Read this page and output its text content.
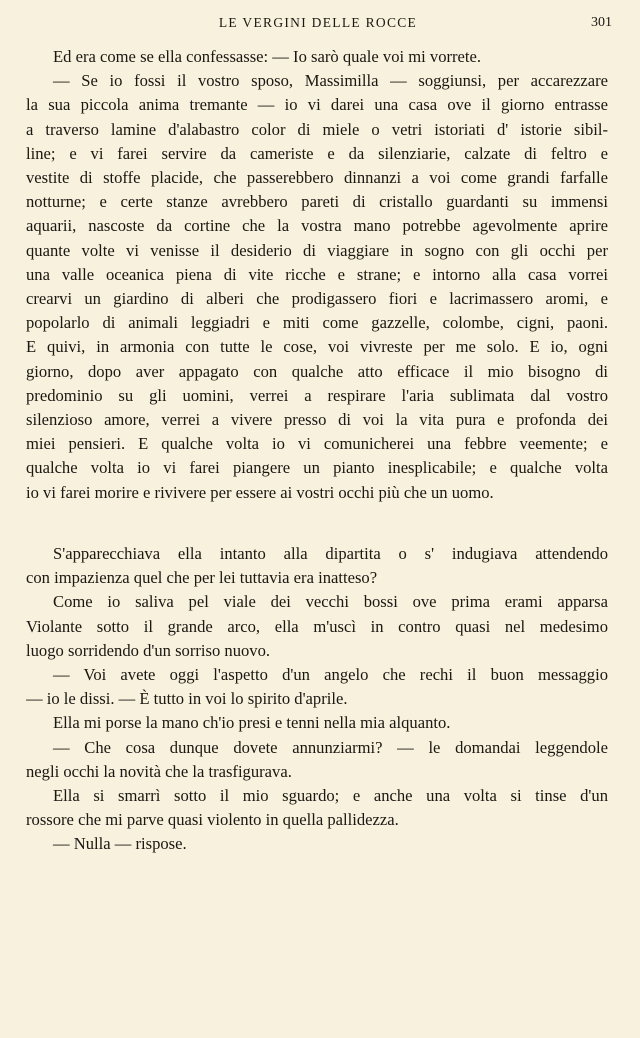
LE VERGINI DELLE ROCCE	301
Ed era come se ella confessasse: — Io sarò quale voi mi vorrete.
— Se io fossi il vostro sposo, Massimilla — soggiunsi, per accarezzare
la sua piccola anima tremante — io vi darei una casa ove il giorno entrasse
a traverso lamine d'alabastro color di miele o vetri istoriati d' istorie sibil-
line; e vi farei servire da cameriste e da silenziarie, calzate di feltro e
vestite di stoffe placide, che passerebbero dinnanzi a voi come grandi farfalle
notturne; e certe stanze avrebbero pareti di cristallo guardanti su immensi
aquarii, nascoste da cortine che la vostra mano potrebbe agevolmente aprire
quante volte vi venisse il desiderio di viaggiare in sogno con gli occhi per
una valle oceanica piena di vite ricche e strane; e intorno alla casa vorrei
crearvi un giardino di alberi che prodigassero fiori e lacrimassero aromi, e
popolarlo di animali leggiadri e miti come gazzelle, colombe, cigni, paoni.
E quivi, in armonia con tutte le cose, voi vivreste per me solo. E io, ogni
giorno, dopo aver appagato con qualche atto efficace il mio bisogno di
predominio su gli uomini, verrei a respirare l'aria sublimata dal vostro
silenzioso amore, verrei a vivere presso di voi la vita pura e profonda dei
miei pensieri. E qualche volta io vi comunicherei una febbre veemente; e
qualche volta io vi farei piangere un pianto inesplicabile; e qualche volta
io vi farei morire e rivivere per essere ai vostri occhi più che un uomo.
S'apparecchiava ella intanto alla dipartita o s' indugiava attendendo
con impazienza quel che per lei tuttavia era inatteso?
Come io saliva pel viale dei vecchi bossi ove prima erami apparsa
Violante sotto il grande arco, ella m'uscì in contro quasi nel medesimo
luogo sorridendo d'un sorriso nuovo.
— Voi avete oggi l'aspetto d'un angelo che rechi il buon messaggio
— io le dissi. — È tutto in voi lo spirito d'aprile.
Ella mi porse la mano ch'io presi e tenni nella mia alquanto.
— Che cosa dunque dovete annunziarmi? — le domandai leggendole
negli occhi la novità che la trasfigurava.
Ella si smarrì sotto il mio sguardo; e anche una volta si tinse d'un
rossore che mi parve quasi violento in quella pallidezza.
— Nulla — rispose.
